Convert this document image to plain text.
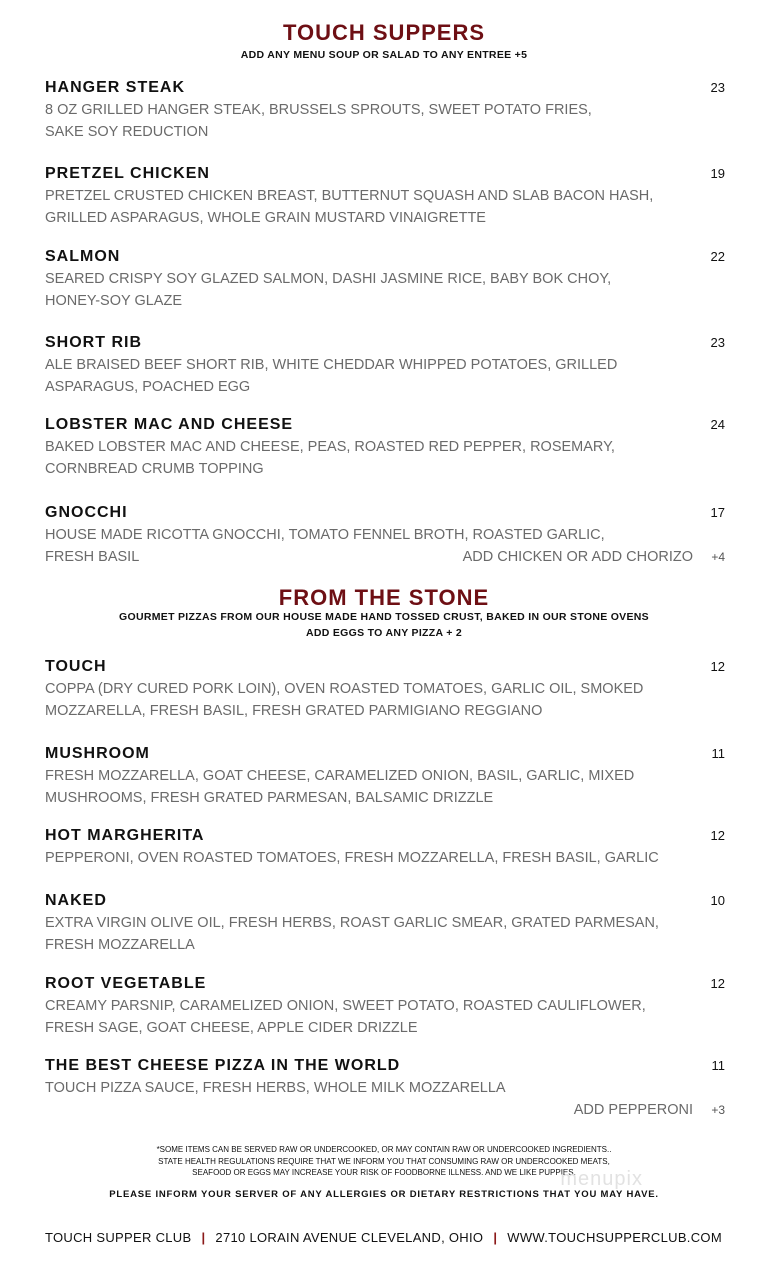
TOUCH SUPPERS
ADD ANY MENU SOUP OR SALAD TO ANY ENTREE +5
HANGER STEAK	23
8 OZ GRILLED HANGER STEAK, BRUSSELS SPROUTS, SWEET POTATO FRIES,
SAKE SOY REDUCTION
PRETZEL CHICKEN	19
PRETZEL CRUSTED CHICKEN BREAST, BUTTERNUT SQUASH AND SLAB BACON HASH,
GRILLED ASPARAGUS, WHOLE GRAIN MUSTARD VINAIGRETTE
SALMON	22
SEARED CRISPY SOY GLAZED SALMON, DASHI JASMINE RICE, BABY BOK CHOY,
HONEY-SOY GLAZE
SHORT RIB	23
ALE BRAISED BEEF SHORT RIB, WHITE CHEDDAR WHIPPED POTATOES, GRILLED
ASPARAGUS, POACHED EGG
LOBSTER MAC AND CHEESE	24
BAKED LOBSTER MAC AND CHEESE, PEAS, ROASTED RED PEPPER, ROSEMARY,
CORNBREAD CRUMB TOPPING
GNOCCHI	17
HOUSE MADE RICOTTA GNOCCHI, TOMATO FENNEL BROTH, ROASTED GARLIC,
FRESH BASIL	ADD CHICKEN OR ADD CHORIZO +4
FROM THE STONE
GOURMET PIZZAS FROM OUR HOUSE MADE HAND TOSSED CRUST, BAKED IN OUR STONE OVENS
ADD EGGS TO ANY PIZZA + 2
TOUCH	12
COPPA (DRY CURED PORK LOIN), OVEN ROASTED TOMATOES, GARLIC OIL, SMOKED
MOZZARELLA, FRESH BASIL, FRESH GRATED PARMIGIANO REGGIANO
MUSHROOM	11
FRESH MOZZARELLA, GOAT CHEESE, CARAMELIZED ONION, BASIL, GARLIC, MIXED
MUSHROOMS, FRESH GRATED PARMESAN, BALSAMIC DRIZZLE
HOT MARGHERITA	12
PEPPERONI, OVEN ROASTED TOMATOES, FRESH MOZZARELLA, FRESH BASIL, GARLIC
NAKED	10
EXTRA VIRGIN OLIVE OIL, FRESH HERBS, ROAST GARLIC SMEAR, GRATED PARMESAN,
FRESH MOZZARELLA
ROOT VEGETABLE	12
CREAMY PARSNIP, CARAMELIZED ONION, SWEET POTATO, ROASTED CAULIFLOWER,
FRESH SAGE, GOAT CHEESE, APPLE CIDER DRIZZLE
THE BEST CHEESE PIZZA IN THE WORLD	11
TOUCH PIZZA SAUCE, FRESH HERBS, WHOLE MILK MOZZARELLA
ADD PEPPERONI +3
*SOME ITEMS CAN BE SERVED RAW OR UNDERCOOKED, OR MAY CONTAIN RAW OR UNDERCOOKED INGREDIENTS..
STATE HEALTH REGULATIONS REQUIRE THAT WE INFORM YOU THAT CONSUMING RAW OR UNDERCOOKED MEATS,
SEAFOOD OR EGGS MAY INCREASE YOUR RISK OF FOODBORNE ILLNESS. AND WE LIKE PUPPIES.
PLEASE INFORM YOUR SERVER OF ANY ALLERGIES OR DIETARY RESTRICTIONS THAT YOU MAY HAVE.
menupix
TOUCH SUPPER CLUB | 2710 LORAIN AVENUE CLEVELAND, OHIO | WWW.TOUCHSUPPERCLUB.COM
